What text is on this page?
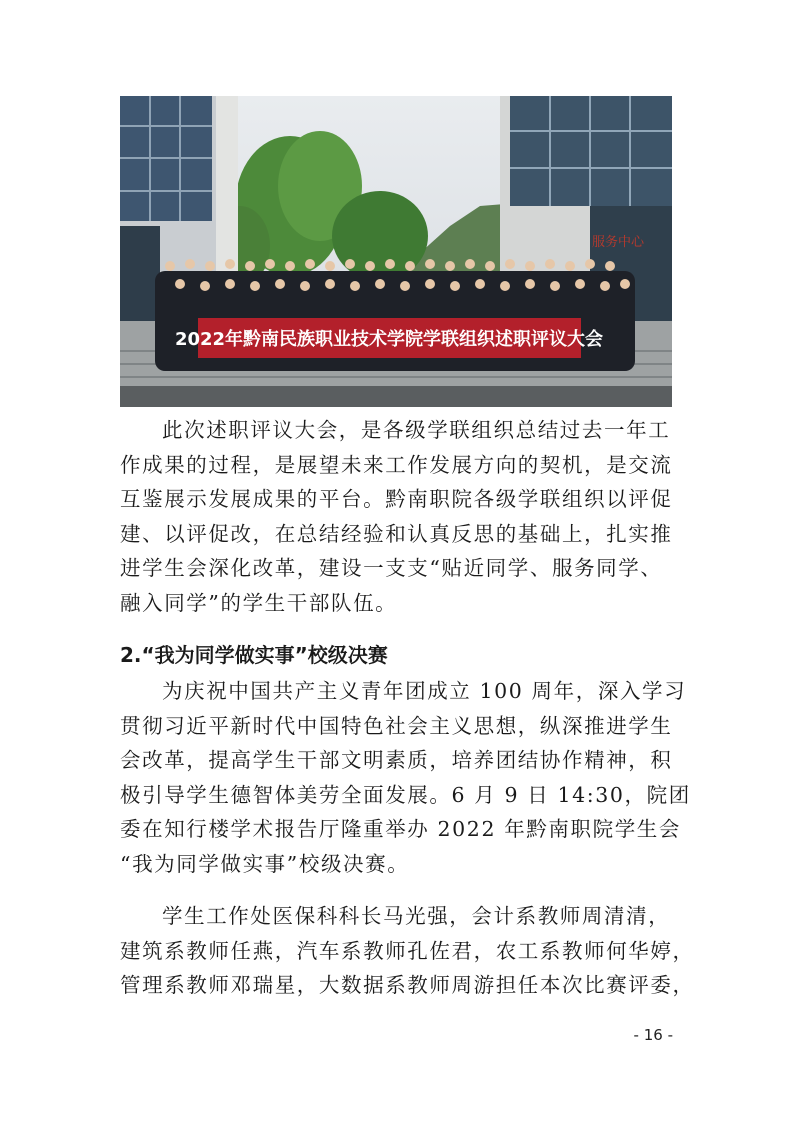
服务中心
2022年黔南民族职业技术学院学联组织述职评议大会
此次述职评议大会，是各级学联组织总结过去一年工
作成果的过程，是展望未来工作发展方向的契机，是交流
互鉴展示发展成果的平台。黔南职院各级学联组织以评促
建、以评促改，在总结经验和认真反思的基础上，扎实推
进学生会深化改革，建设一支支“贴近同学、服务同学、
融入同学”的学生干部队伍。
2.“我为同学做实事”校级决赛
为庆祝中国共产主义青年团成立 100 周年，深入学习
贯彻习近平新时代中国特色社会主义思想，纵深推进学生
会改革，提高学生干部文明素质，培养团结协作精神，积
极引导学生德智体美劳全面发展。6 月 9 日 14:30，院团
委在知行楼学术报告厅隆重举办 2022 年黔南职院学生会
“我为同学做实事”校级决赛。
学生工作处医保科科长马光强，会计系教师周清清，
建筑系教师任燕，汽车系教师孔佐君，农工系教师何华婷，
管理系教师邓瑞星，大数据系教师周游担任本次比赛评委，
- 16 -
